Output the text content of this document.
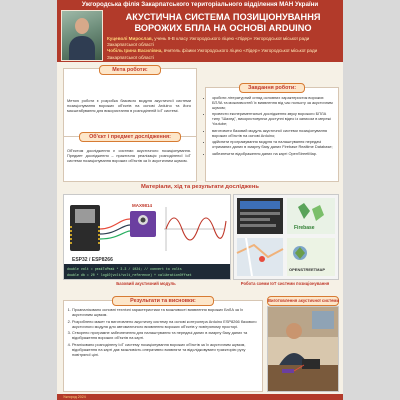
Ужгородська філія Закарпатського територіального відділення МАН України
АКУСТИЧНА СИСТЕМА ПОЗИЦІОНУВАННЯ
ВОРОЖИХ БПЛА НА ОСНОВІ ARDUINO
Куцеволі Мирослав, учень 9-В класу Ужгородського ліцею «Лідер» Ужгородської міської ради Закарпатської області
Чобіль Ірина Василівна, вчитель фізики Ужгородського ліцею «Лідер» Ужгородської міської ради Закарпатської області
Мета роботи:
Метою роботи є розробка базового модуля акустичної системи позиціонування ворожих об'єктів на основі Arduino та його масштабування для використання в розподіленій IoT системі.
Об'єкт і предмет дослідження:
Об'єктом дослідження є системи акустичного позиціонування. Предмет дослідження – практична реалізація розподіленої IoT системи позиціонування ворожих об'єктів за їх акустичним шумом.
Завдання роботи:
• зробити літературний огляд основних характеристик ворожих БПЛА та можливостей їх виявлення від час польоту за акустичним шумом;
• провести експериментальні дослідження звуку ворожого БПЛА типу "Шахед", використовуючи доступні відео із записом в мережі Youtube;
• виготовити базовий модуль акустичної системи позиціонування ворожих об'єктів на основі Arduino;
• здійснити програмування модуля та налаштування передачі отриманих даних в хмарну базу даних Firebase Realtime Database;
• забезпечити відображення даних на карті OpenStreetMap.
Матеріали, хід та результати досліджень
MAX9814
ESP32 / ESP8266
double volt = peakToPeak * 3.3 / 1024; // convert to volts
double db = 20 * log10(volt/volt_reference) + calibrationOffset
Firebase
OPENSTREETMAP
Базовий акустичний модуль	Робота схеми IoT системи позиціонування
Результати та висновки:
1. Проаналізовано основні технічні характеристики та можливості виявлення ворожих БпЛА за їх акустичним шумом.
2. Розроблено макет та виготовлено акустичну систему на основі контролера Arduino ESP8266 базового акустичного модуля для автоматичного виявлення ворожих об'єктів у повітряному просторі.
3. Створено програмне забезпечення для налаштування та передачі даних в хмарну базу даних та відображення ворожих об'єктів на карті.
4. Реалізовано розподілену IoT систему позиціонування ворожих об'єктів за їх акустичним шумом, відображення на карті дає можливість оперативно виявляти та відслідковувати траєкторію руху повітряної цілі.
Виготовлення акустичної системи
Ужгород 2024
